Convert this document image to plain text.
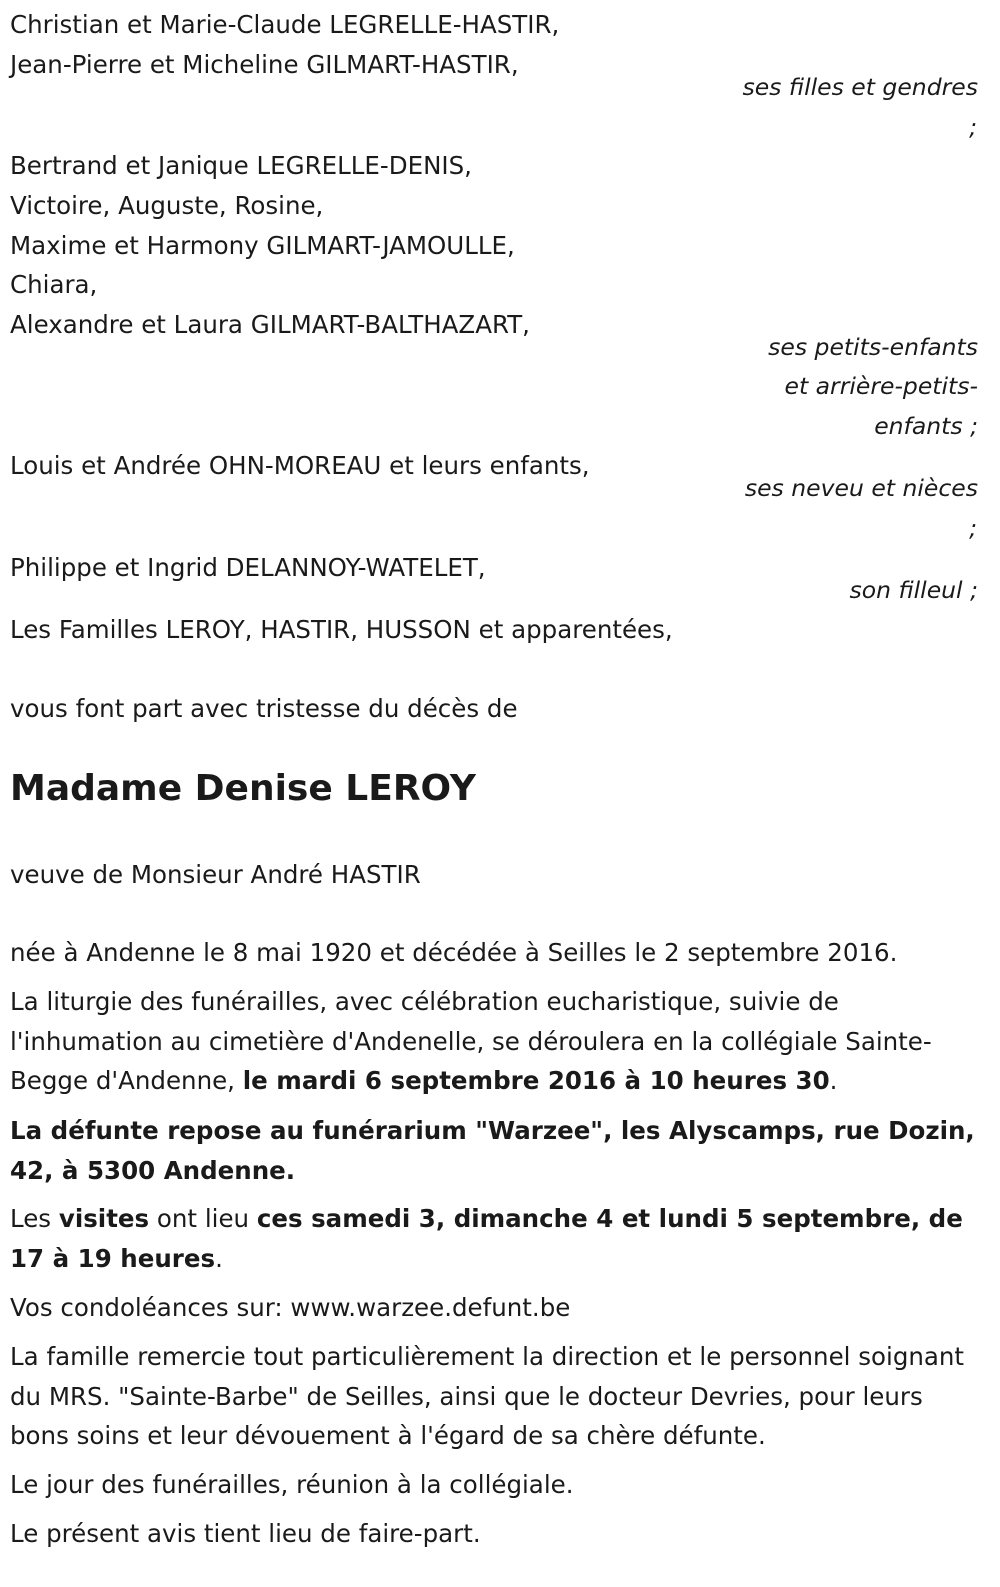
Christian et Marie-Claude LEGRELLE-HASTIR,
Jean-Pierre et Micheline GILMART-HASTIR,
ses filles et gendres
;
Bertrand et Janique LEGRELLE-DENIS,
Victoire, Auguste, Rosine,
Maxime et Harmony GILMART-JAMOULLE,
Chiara,
Alexandre et Laura GILMART-BALTHAZART,
ses petits-enfants
et arrière-petits-
enfants ;
Louis et Andrée OHN-MOREAU et leurs enfants,
ses neveu et nièces
;
Philippe et Ingrid DELANNOY-WATELET,
son filleul ;
Les Familles LEROY, HASTIR, HUSSON et apparentées,
vous font part avec tristesse du décès de
Madame Denise LEROY
veuve de Monsieur André HASTIR
née à Andenne le 8 mai 1920 et décédée à Seilles le 2 septembre 2016.
La liturgie des funérailles, avec célébration eucharistique, suivie de l'inhumation au cimetière d'Andenelle, se déroulera en la collégiale Sainte-Begge d'Andenne, le mardi 6 septembre 2016 à 10 heures 30.
La défunte repose au funérarium "Warzee", les Alyscamps, rue Dozin, 42, à 5300 Andenne.
Les visites ont lieu ces samedi 3, dimanche 4 et lundi 5 septembre, de 17 à 19 heures.
Vos condoléances sur: www.warzee.defunt.be
La famille remercie tout particulièrement la direction et le personnel soignant du MRS. "Sainte-Barbe" de Seilles, ainsi que le docteur Devries, pour leurs bons soins et leur dévouement à l'égard de sa chère défunte.
Le jour des funérailles, réunion à la collégiale.
Le présent avis tient lieu de faire-part.
